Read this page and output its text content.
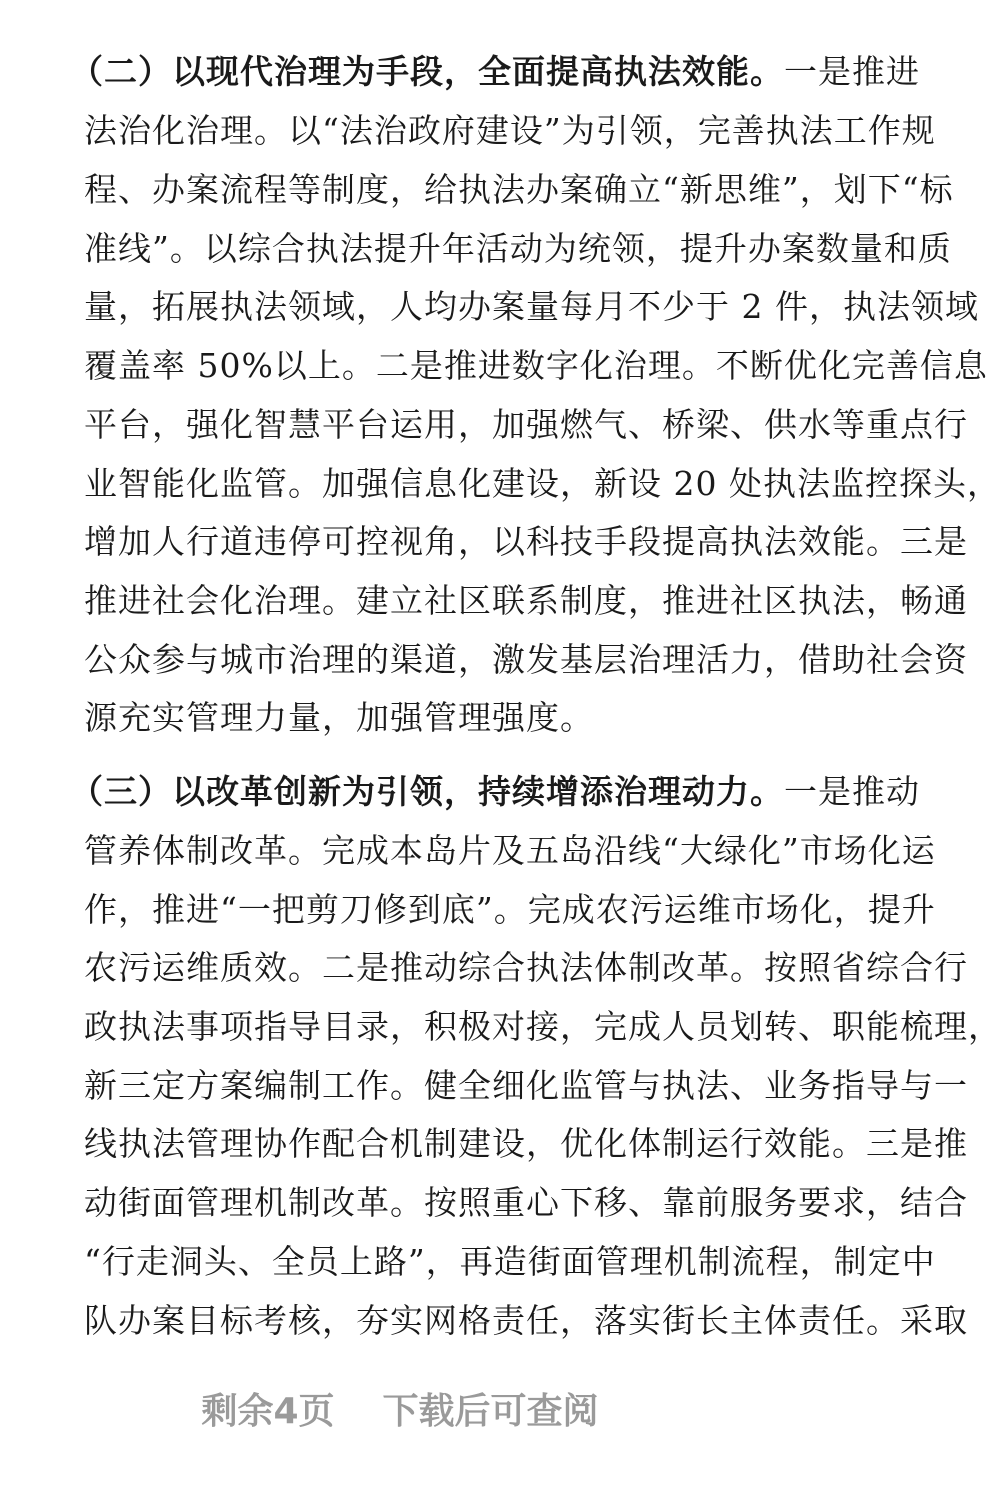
（二）以现代治理为手段，全面提高执法效能。一是推进
法治化治理。以“法治政府建设”为引领，完善执法工作规
程、办案流程等制度，给执法办案确立“新思维”，划下“标
准线”。以综合执法提升年活动为统领，提升办案数量和质
量，拓展执法领域，人均办案量每月不少于 2 件，执法领域
覆盖率 50%以上。二是推进数字化治理。不断优化完善信息
平台，强化智慧平台运用，加强燃气、桥梁、供水等重点行
业智能化监管。加强信息化建设，新设 20 处执法监控探头，
增加人行道违停可控视角，以科技手段提高执法效能。三是
推进社会化治理。建立社区联系制度，推进社区执法，畅通
公众参与城市治理的渠道，激发基层治理活力，借助社会资
源充实管理力量，加强管理强度。
（三）以改革创新为引领，持续增添治理动力。一是推动
管养体制改革。完成本岛片及五岛沿线“大绿化”市场化运
作，推进“一把剪刀修到底”。完成农污运维市场化，提升
农污运维质效。二是推动综合执法体制改革。按照省综合行
政执法事项指导目录，积极对接，完成人员划转、职能梳理，
新三定方案编制工作。健全细化监管与执法、业务指导与一
线执法管理协作配合机制建设，优化体制运行效能。三是推
动街面管理机制改革。按照重心下移、靠前服务要求，结合
“行走洞头、全员上路”，再造街面管理机制流程，制定中
队办案目标考核，夯实网格责任，落实街长主体责任。采取
剩余4页 下载后可查阅
